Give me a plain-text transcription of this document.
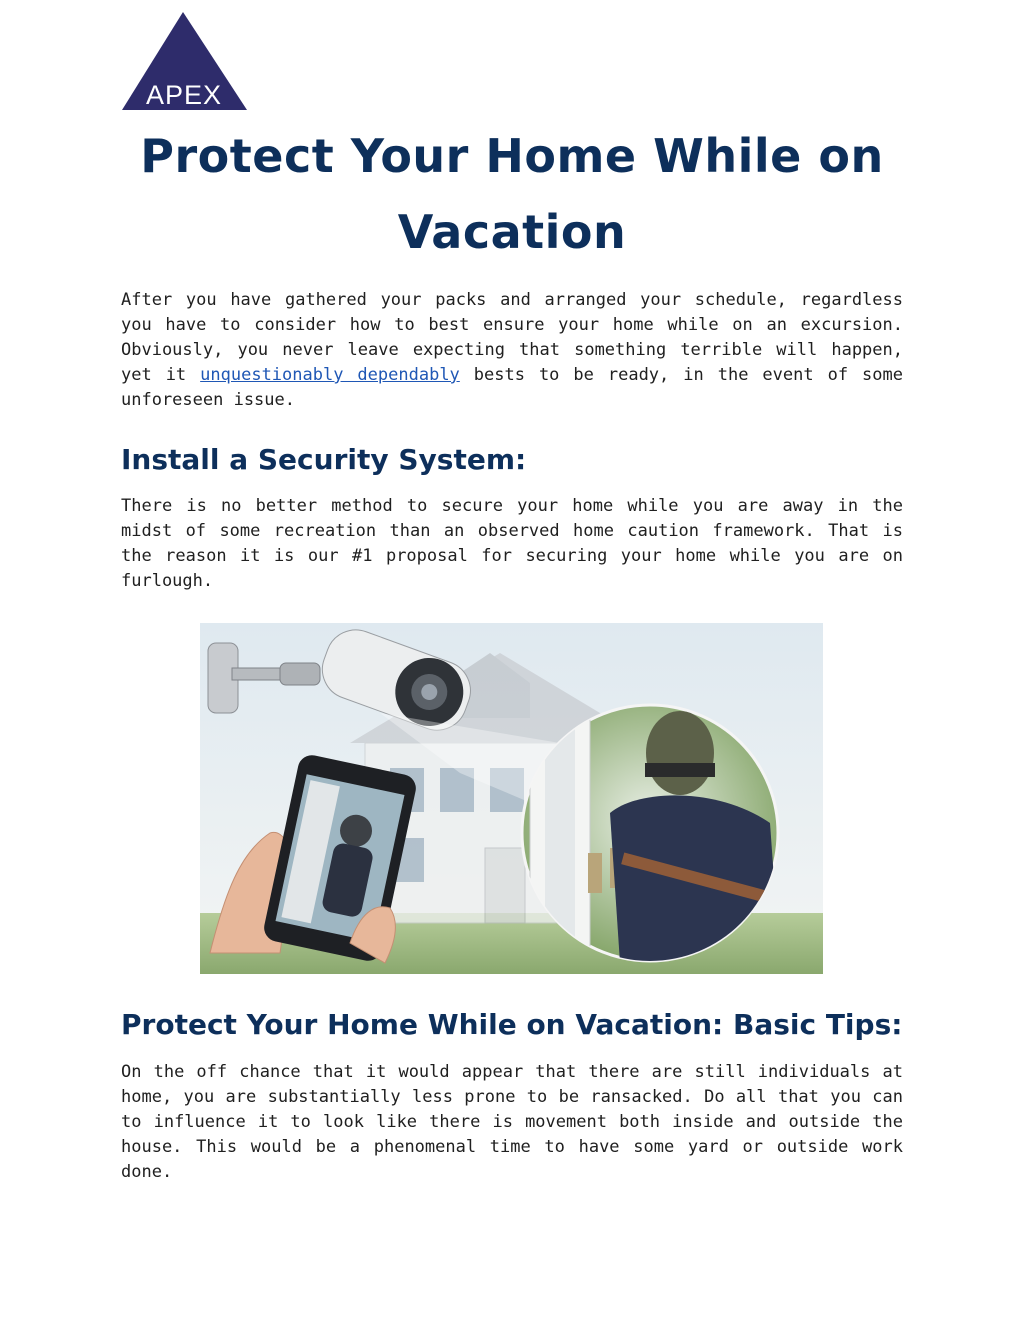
APEX
Protect Your Home While on Vacation

After you have gathered your packs and arranged your schedule, regardless you have to consider how to best ensure your home while on an excursion. Obviously, you never leave expecting that something terrible will happen, yet it unquestionably dependably bests to be ready, in the event of some unforeseen issue.

Install a Security System:

There is no better method to secure your home while you are away in the midst of some recreation than an observed home caution framework. That is the reason it is our #1 proposal for securing your home while you are on furlough.

Protect Your Home While on Vacation: Basic Tips:

On the off chance that it would appear that there are still individuals at home, you are substantially less prone to be ransacked. Do all that you can to influence it to look like there is movement both inside and outside the house. This would be a phenomenal time to have some yard or outside work done.
